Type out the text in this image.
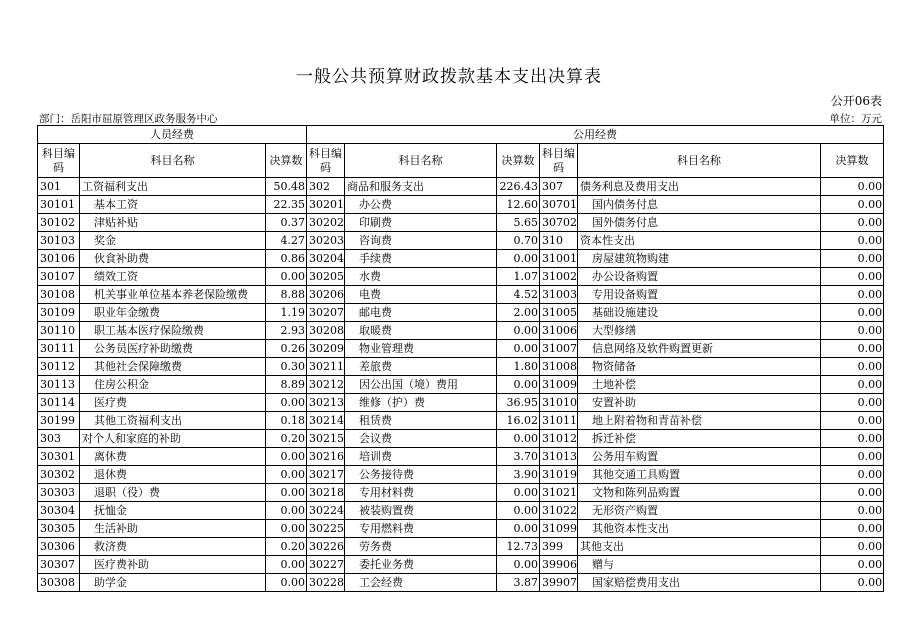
一般公共预算财政拨款基本支出决算表
公开06表
部门：岳阳市屈原管理区政务服务中心	单位：万元
人员经费			公用经费					
科目编码	科目名称	决算数	科目编码	科目名称	决算数	科目编码	科目名称	决算数
301	工资福利支出	50.48	302	商品和服务支出	226.43	307	债务利息及费用支出	0.00
30101	基本工资	22.35	30201	办公费	12.60	30701	国内债务付息	0.00
30102	津贴补贴	0.37	30202	印刷费	5.65	30702	国外债务付息	0.00
30103	奖金	4.27	30203	咨询费	0.70	310	资本性支出	0.00
30106	伙食补助费	0.86	30204	手续费	0.00	31001	房屋建筑物购建	0.00
30107	绩效工资	0.00	30205	水费	1.07	31002	办公设备购置	0.00
30108	机关事业单位基本养老保险缴费	8.88	30206	电费	4.52	31003	专用设备购置	0.00
30109	职业年金缴费	1.19	30207	邮电费	2.00	31005	基础设施建设	0.00
30110	职工基本医疗保险缴费	2.93	30208	取暖费	0.00	31006	大型修缮	0.00
30111	公务员医疗补助缴费	0.26	30209	物业管理费	0.00	31007	信息网络及软件购置更新	0.00
30112	其他社会保障缴费	0.30	30211	差旅费	1.80	31008	物资储备	0.00
30113	住房公积金	8.89	30212	因公出国（境）费用	0.00	31009	土地补偿	0.00
30114	医疗费	0.00	30213	维修（护）费	36.95	31010	安置补助	0.00
30199	其他工资福利支出	0.18	30214	租赁费	16.02	31011	地上附着物和青苗补偿	0.00
303	对个人和家庭的补助	0.20	30215	会议费	0.00	31012	拆迁补偿	0.00
30301	离休费	0.00	30216	培训费	3.70	31013	公务用车购置	0.00
30302	退休费	0.00	30217	公务接待费	3.90	31019	其他交通工具购置	0.00
30303	退职（役）费	0.00	30218	专用材料费	0.00	31021	文物和陈列品购置	0.00
30304	抚恤金	0.00	30224	被装购置费	0.00	31022	无形资产购置	0.00
30305	生活补助	0.00	30225	专用燃料费	0.00	31099	其他资本性支出	0.00
30306	救济费	0.20	30226	劳务费	12.73	399	其他支出	0.00
30307	医疗费补助	0.00	30227	委托业务费	0.00	39906	赠与	0.00
30308	助学金	0.00	30228	工会经费	3.87	39907	国家赔偿费用支出	0.00
